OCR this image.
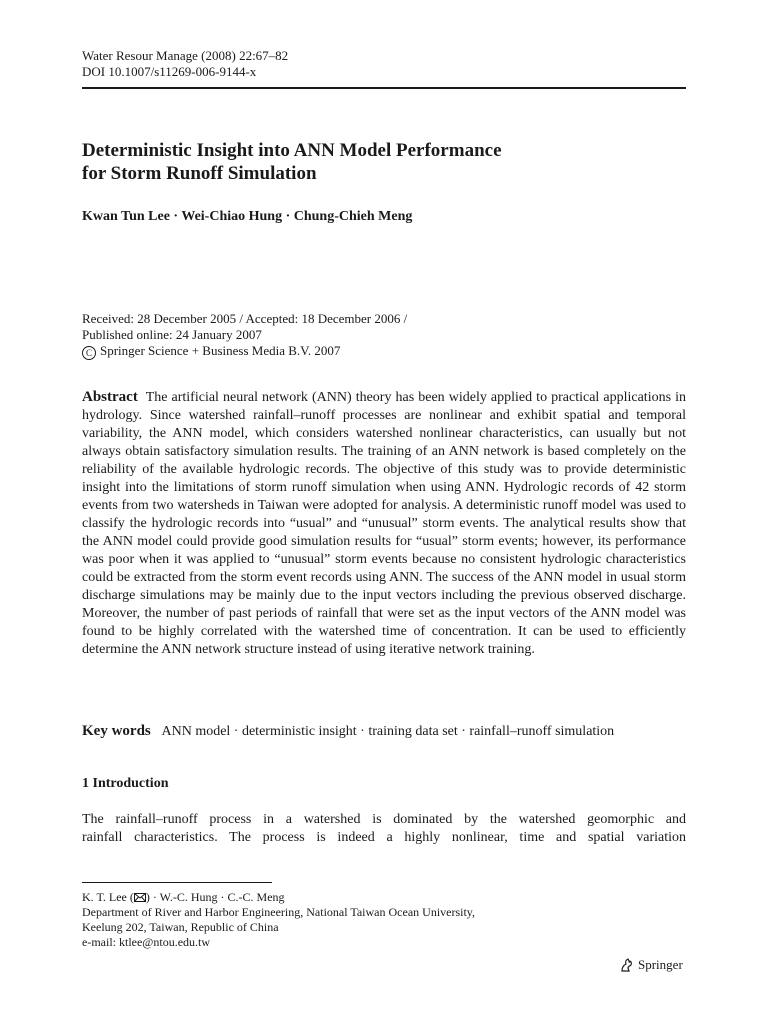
Water Resour Manage (2008) 22:67–82
DOI 10.1007/s11269-006-9144-x
Deterministic Insight into ANN Model Performance
for Storm Runoff Simulation
Kwan Tun Lee · Wei-Chiao Hung · Chung-Chieh Meng
Received: 28 December 2005 / Accepted: 18 December 2006 /
Published online: 24 January 2007
C Springer Science + Business Media B.V. 2007
Abstract The artificial neural network (ANN) theory has been widely applied to practical applications in hydrology. Since watershed rainfall–runoff processes are nonlinear and exhibit spatial and temporal variability, the ANN model, which considers watershed nonlinear characteristics, can usually but not always obtain satisfactory simulation results. The training of an ANN network is based completely on the reliability of the available hydrologic records. The objective of this study was to provide deterministic insight into the limitations of storm runoff simulation when using ANN. Hydrologic records of 42 storm events from two watersheds in Taiwan were adopted for analysis. A deterministic runoff model was used to classify the hydrologic records into “usual” and “unusual” storm events. The analytical results show that the ANN model could provide good simulation results for “usual” storm events; however, its performance was poor when it was applied to “unusual” storm events because no consistent hydrologic characteristics could be extracted from the storm event records using ANN. The success of the ANN model in usual storm discharge simulations may be mainly due to the input vectors including the previous observed discharge. Moreover, the number of past periods of rainfall that were set as the input vectors of the ANN model was found to be highly correlated with the watershed time of concentration. It can be used to efficiently determine the ANN network structure instead of using iterative network training.
Key words ANN model · deterministic insight · training data set · rainfall–runoff simulation
1 Introduction
The rainfall–runoff process in a watershed is dominated by the watershed geomorphic and
rainfall characteristics. The process is indeed a highly nonlinear, time and spatial variation
K. T. Lee ( ) · W.-C. Hung · C.-C. Meng
Department of River and Harbor Engineering, National Taiwan Ocean University,
Keelung 202, Taiwan, Republic of China
e-mail: ktlee@ntou.edu.tw
Springer
